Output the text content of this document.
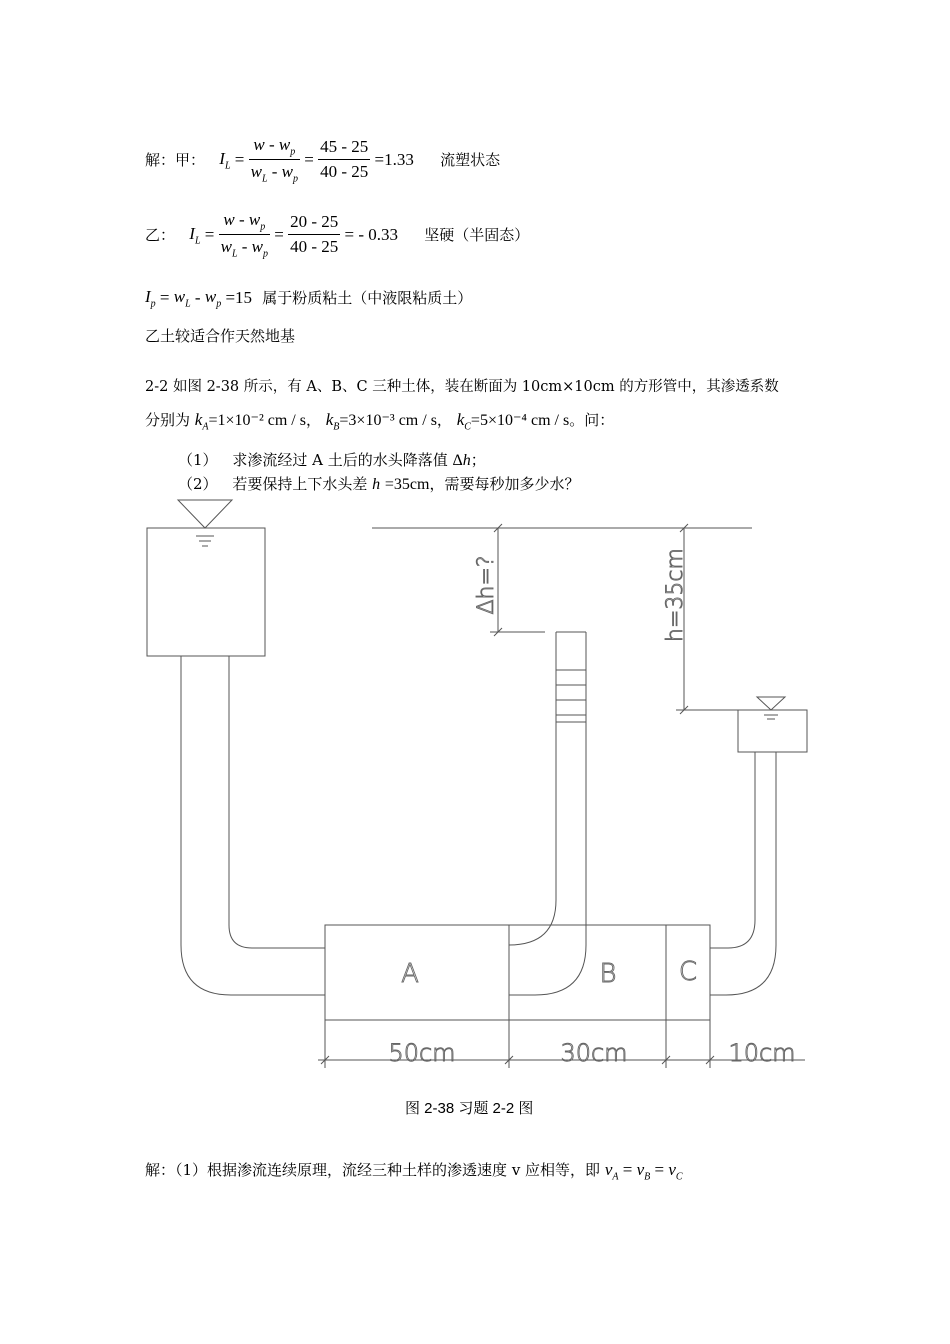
解：甲： $I_L = \frac{w - w_p}{w_L - w_p} = \frac{45 - 25}{40 - 25} =1.33$ 流塑状态
乙： $I_L = \frac{w - w_p}{w_L - w_p} = \frac{20 - 25}{40 - 25}$ = - 0.33 坚硬（半固态）
$I_p = w_L - w_p =15$ 属于粉质粘土（中液限粘质土）
乙土较适合作天然地基
2-2 如图 2-38 所示，有 A、B、C 三种土体，装在断面为 10cm×10cm 的方形管中，其渗透系数
分别为 $k_A=1\times 10^{-2}$ cm / s， $k_B=3\times 10^{-3}$ cm / s， $k_C=5\times 10^{-4}$ cm / s。问：
（1） 求渗流经过 A 土后的水头降落值 Δh；
（2） 若要保持上下水头差 h =35cm，需要每秒加多少水？
A	B C
50cm	30cm	10cm
Δh=?	h=35cm
图 2-38 习题 2-2 图
解：（1）根据渗流连续原理，流经三种土样的渗透速度 v 应相等，即 $v_A = v_B = v_C$
